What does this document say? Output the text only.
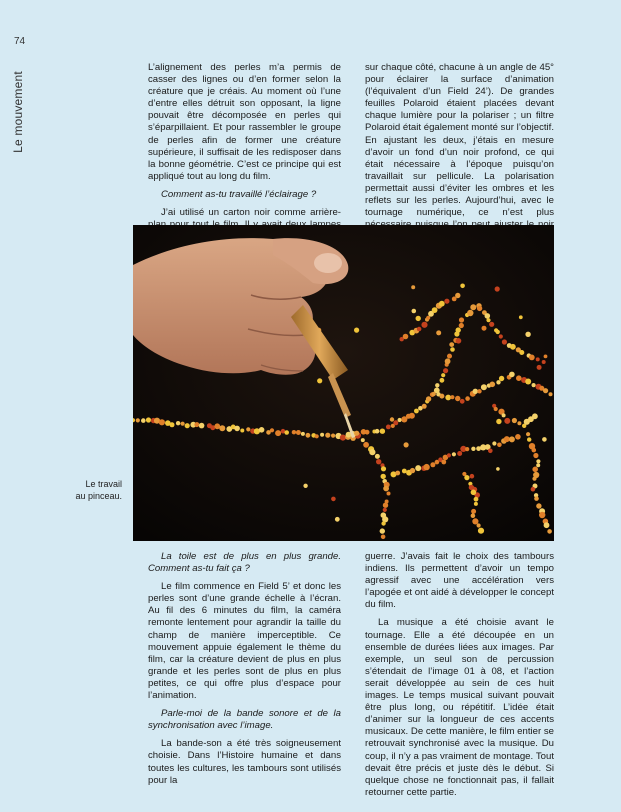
74
Le mouvement

L’alignement des perles m’a permis de casser des lignes ou d’en former selon la créature que je créais. Au moment où l’une d’entre elles détruit son opposant, la ligne pouvait être décomposée en perles qui s’éparpillaient. Et pour rassembler le groupe de perles afin de former une créature supérieure, il suffisait de les redisposer dans la bonne géométrie. C’est ce principe qui est appliqué tout au long du film.

Comment as-tu travaillé l’éclairage ?

J’ai utilisé un carton noir comme arrière-

sur chaque côté, chacune à un angle de 45° pour éclairer la surface d’animation (l’équivalent d’un Field 24’). De grandes feuilles Polaroid étaient placées devant chaque lumière pour la polariser ; un filtre Polaroid était également monté sur l’objectif. En ajustant les deux, j’étais en mesure d’avoir un fond d’un noir profond, ce qui était nécessaire à l’époque puisqu’on travaillait sur pellicule. La polarisation permettait aussi d’éviter les ombres et les reflets sur les perles. Aujourd’hui, avec le tournage numérique, ce n’est plus

Le travail
au pinceau.

La toile est de plus en plus grande. Comment as-tu fait ça ?

Le film commence en Field 5’ et donc les perles sont d’une grande échelle à l’écran. Au fil des 6 minutes du film, la caméra remonte lentement pour agrandir la taille du champ de manière imperceptible. Ce mouvement appuie également le thème du film, car la créature devient de plus en plus grande et les perles sont de plus en plus petites, ce qui offre plus d’espace pour l’animation.

Parle-moi de la bande sonore et de la synchronisation avec l’image.

La bande-son a été très soigneusement choisie. Dans l’Histoire humaine et dans toutes les cultures, les tambours sont utilisés pour la

guerre. J’avais fait le choix des tambours indiens. Ils permettent d’avoir un tempo agressif avec une accélération vers l’apogée et ont aidé à développer le concept du film.

La musique a été choisie avant le tournage. Elle a été découpée en un ensemble de durées liées aux images. Par exemple, un seul son de percussion s’étendait de l’image 01 à 08, et l’action serait développée au sein de ces huit images. Le temps musical suivant pouvait être plus long, ou répétitif. L’idée était d’animer sur la longueur de ces accents musicaux. De cette manière, le film entier se retrouvait synchronisé avec la musique. Du coup, il n’y a pas vraiment de montage. Tout devait être précis et juste dès le début. Si quelque chose ne fonctionnait pas, il fallait retourner cette partie.
